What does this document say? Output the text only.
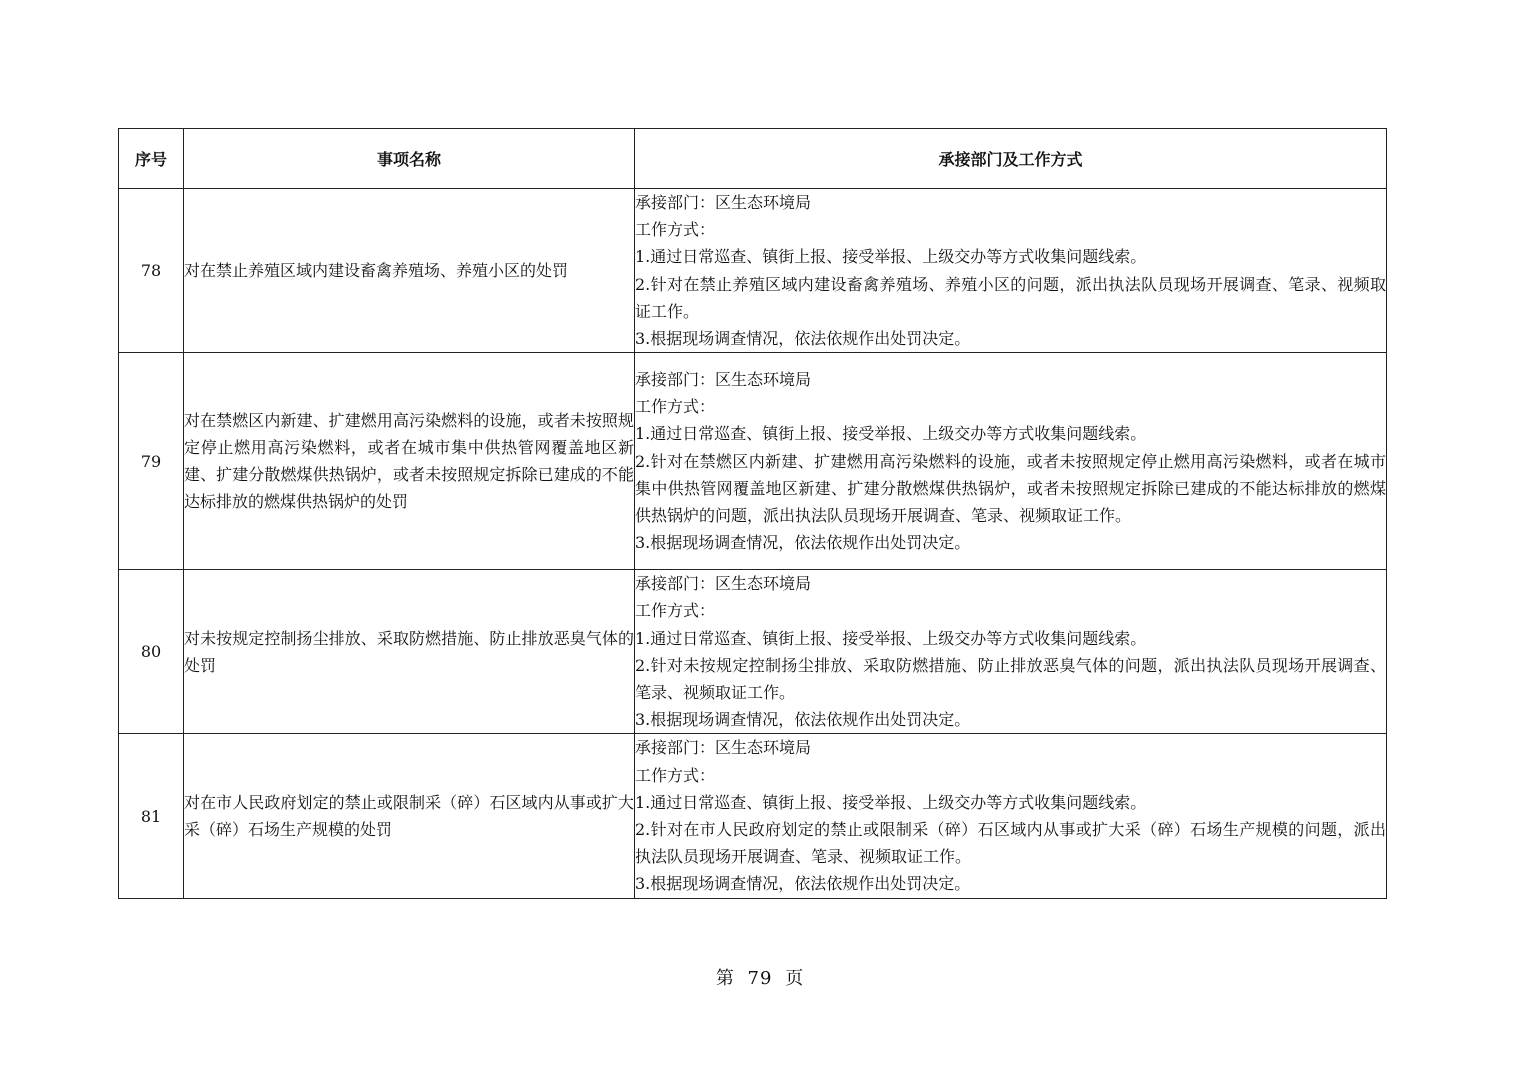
序号	事项名称	承接部门及工作方式
78	对在禁止养殖区域内建设畜禽养殖场、养殖小区的处罚	承接部门：区生态环境局
工作方式：
1.通过日常巡查、镇街上报、接受举报、上级交办等方式收集问题线索。
2.针对在禁止养殖区域内建设畜禽养殖场、养殖小区的问题，派出执法队员现场开展调查、笔录、视频取证工作。
3.根据现场调查情况，依法依规作出处罚决定。

79	对在禁燃区内新建、扩建燃用高污染燃料的设施，或者未按照规定停止燃用高污染燃料，或者在城市集中供热管网覆盖地区新建、扩建分散燃煤供热锅炉，或者未按照规定拆除已建成的不能达标排放的燃煤供热锅炉的处罚	承接部门：区生态环境局
工作方式：
1.通过日常巡查、镇街上报、接受举报、上级交办等方式收集问题线索。
2.针对在禁燃区内新建、扩建燃用高污染燃料的设施，或者未按照规定停止燃用高污染燃料，或者在城市集中供热管网覆盖地区新建、扩建分散燃煤供热锅炉，或者未按照规定拆除已建成的不能达标排放的燃煤供热锅炉的问题，派出执法队员现场开展调查、笔录、视频取证工作。
3.根据现场调查情况，依法依规作出处罚决定。

80	对未按规定控制扬尘排放、采取防燃措施、防止排放恶臭气体的处罚	承接部门：区生态环境局
工作方式：
1.通过日常巡查、镇街上报、接受举报、上级交办等方式收集问题线索。
2.针对未按规定控制扬尘排放、采取防燃措施、防止排放恶臭气体的问题，派出执法队员现场开展调查、笔录、视频取证工作。
3.根据现场调查情况，依法依规作出处罚决定。

81	对在市人民政府划定的禁止或限制采（碎）石区域内从事或扩大采（碎）石场生产规模的处罚	承接部门：区生态环境局
工作方式：
1.通过日常巡查、镇街上报、接受举报、上级交办等方式收集问题线索。
2.针对在市人民政府划定的禁止或限制采（碎）石区域内从事或扩大采（碎）石场生产规模的问题，派出执法队员现场开展调查、笔录、视频取证工作。
3.根据现场调查情况，依法依规作出处罚决定。
第 79 页
